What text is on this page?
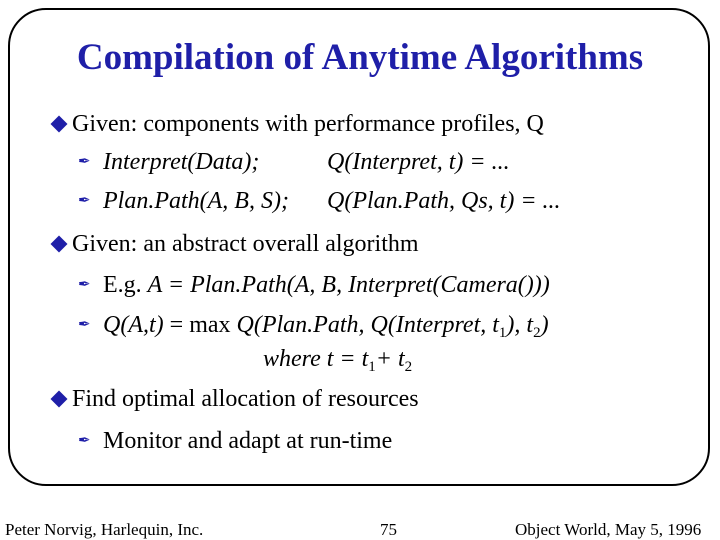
Compilation of Anytime Algorithms
Given: components with performance profiles, Q
✒ Interpret(Data);	Q(Interpret, t) = ...
✒ Plan.Path(A, B, S); Q(Plan.Path, Qs, t) = ...
Given: an abstract overall algorithm
✒ E.g. A = Plan.Path(A, B, Interpret(Camera()))
✒ Q(A,t) = max Q(Plan.Path, Q(Interpret, $t_1$), $t_2$)
where $t = t_1+ t_2$
Find optimal allocation of resources
✒ Monitor and adapt at run-time
Peter Norvig, Harlequin, Inc.	75	Object World, May 5, 1996
